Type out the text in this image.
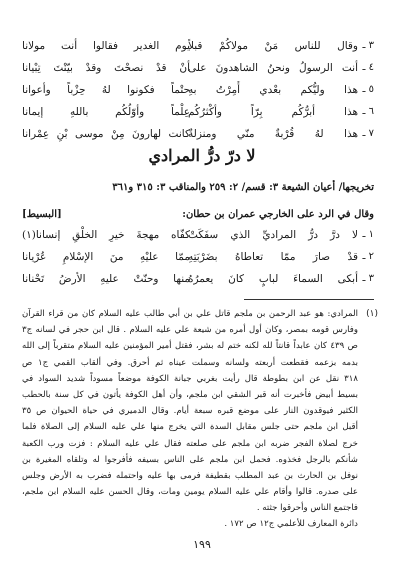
٣ ـ
وقال للناس مَنْ مولاكُمْ قبلاً
يوم الغدير فقالوا أنت مولانا
٤ ـ
أنت الرسولُ ونحنُ الشاهدونَ على
أنْ قدْ نصحْتَ وقدْ بيّنْتَ تِبْيانا
٥ ـ
هذا وليُّكم بعْدي أُمِرْتُ بهِ
حتْماً فكونوا لهُ حِزْباً وأعوانا
٦ ـ
هذا أبرُّكُم بِرّاً وأكْثرُكُم
عِلْماً وأوّلُكُم باللهِ إيمانا
٧ ـ
هذا لهُ قُرْبةٌ منّي ومنزلةٌ
كانت لهارونَ مِنْ موسى بْنِ عِمْرانا
لا درّ درُّ المرادي
تخريجها/ أعيان الشيعة ٣: قسم/ ٢: ٢٥٩ والمناقب ٣: ٣١٥ و٣٦١
وقال في الرد على الخارجي عمران بن حطان:
[البسيط]
١ ـ
لا درَّ درُّ المراديِّ الذي سفَكَتْ
كفّاه مهجةَ خيرِ الخلْقِ إنسانا(١)
٢ ـ
قدْ صارَ ممّا تعاطاهُ بضَرْبَتِهِ
ممّا عليْهِ منَ الإسْلامِ عُرْيانا
٣ ـ
أبكى السماءَ لبابٍ كانَ يعمرُهُ
منها وحنّتْ عليهِ الأرضُ تَحْنانا
(١)
المرادي: هو عبد الرحمن بن ملجم قاتل علي بن أبي طالب عليه السلام كان من قراء القرآن
وفارس قومه بمصر، وكان أول أمره من شيعة علي عليه السلام . قال ابن حجر في لسانه ج٣
ص ٤٣٩ كان عابداً قانتاً لله لكنه ختم له بشر، فقتل أمير المؤمنين عليه السلام متقرباً إلى الله
بدمه بزعمه فقطعت أربعته ولسانه وسملت عيناه ثم أحرق. وفي ألقاب القمي ج١ ص
٣١٨ نقل عن ابن بطوطة قال رأيت بغربي جبانة الكوفة موضعاً مسوداً شديد السواد في
بسيط أبيض فأخبرت أنه قبر الشقي ابن ملجم، وأن أهل الكوفة يأتون في كل سنة بالحطب
الكثير فيوقدون النار على موضع قبره سبعة أيام. وقال الدميري في حياة الحيوان ص ٣٥
أقبل ابن ملجم حتى جلس مقابل السدة التي يخرج منها علي عليه السلام إلى الصلاة فلما
خرج لصلاة الفجر ضربه ابن ملجم على صلعته فقال علي عليه السلام : فزت ورب الكعبة
شأنكم بالرجل فخذوه. فحمل ابن ملجم على الناس بسيفه فأفرجوا له وتلقاه المغيرة بن
نوفل بن الحارث بن عبد المطلب بقطيفة فرمى بها عليه واحتمله فضرب به الأرض وجلس
على صدره. قالوا وأقام علي عليه السلام يومين ومات، وقال الحسن عليه السلام ابن ملجم،
فاجتمع الناس وأحرقوا جثته .
دائرة المعارف للأعلمي ج١٢ ص ١٧٢ .
١٩٩
